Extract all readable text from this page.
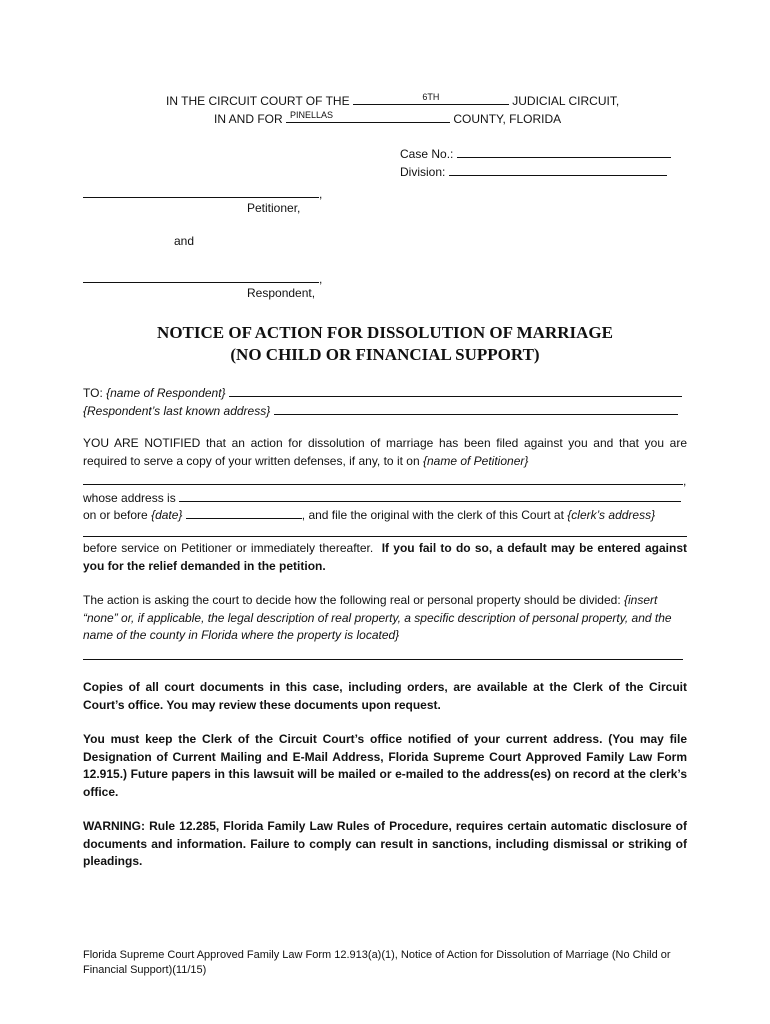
IN THE CIRCUIT COURT OF THE	6TH	JUDICIAL CIRCUIT,
IN AND FOR PINELLAS	COUNTY, FLORIDA
Case No.:
Division:
,
Petitioner,
and
,
Respondent,
NOTICE OF ACTION FOR DISSOLUTION OF MARRIAGE
(NO CHILD OR FINANCIAL SUPPORT)
TO: {name of Respondent}
{Respondent’s last known address}
YOU ARE NOTIFIED that an action for dissolution of marriage has been filed against you and that you are required to serve a copy of your written defenses, if any, to it on {name of Petitioner}
,
whose address is
on or before {date}	, and file the original with the clerk of this Court at {clerk’s address}
before service on Petitioner or immediately thereafter. If you fail to do so, a default may be entered against you for the relief demanded in the petition.
The action is asking the court to decide how the following real or personal property should be divided: {insert “none” or, if applicable, the legal description of real property, a specific description of personal property, and the name of the county in Florida where the property is located}
Copies of all court documents in this case, including orders, are available at the Clerk of the Circuit Court’s office. You may review these documents upon request.
You must keep the Clerk of the Circuit Court’s office notified of your current address. (You may file Designation of Current Mailing and E-Mail Address, Florida Supreme Court Approved Family Law Form 12.915.) Future papers in this lawsuit will be mailed or e-mailed to the address(es) on record at the clerk’s office.
WARNING: Rule 12.285, Florida Family Law Rules of Procedure, requires certain automatic disclosure of documents and information. Failure to comply can result in sanctions, including dismissal or striking of pleadings.
Florida Supreme Court Approved Family Law Form 12.913(a)(1), Notice of Action for Dissolution of Marriage (No Child or Financial Support)(11/15)
